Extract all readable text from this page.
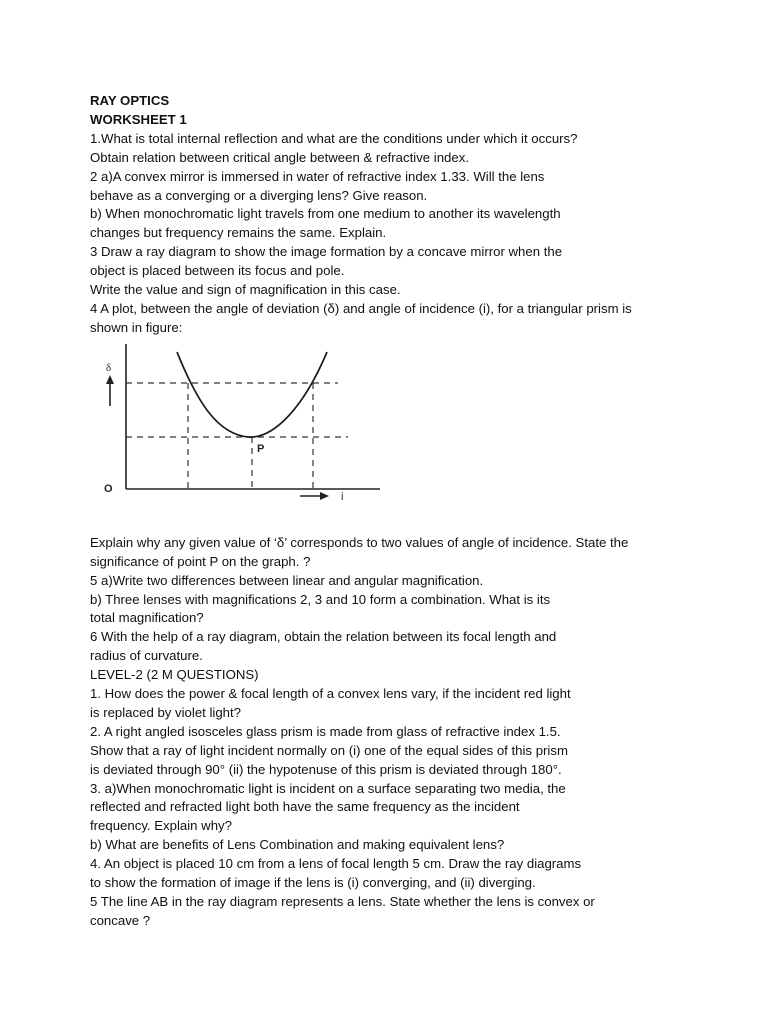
RAY OPTICS
WORKSHEET 1
1.What is total internal reflection and what are the conditions under which it occurs?
Obtain relation between critical angle between & refractive index.
2 a)A convex mirror is immersed in water of refractive index 1.33. Will the lens
behave as a converging or a diverging lens? Give reason.
b) When monochromatic light travels from one medium to another its wavelength
changes but frequency remains the same. Explain.
3 Draw a ray diagram to show the image formation by a concave mirror when the
object is placed between its focus and pole.
Write the value and sign of magnification in this case.
4 A plot, between the angle of deviation (δ) and angle of incidence (i), for a triangular prism is
shown in figure:
δ
i
O
P
Explain why any given value of ‘δ’ corresponds to two values of angle of incidence. State the
significance of point P on the graph. ?
5 a)Write two differences between linear and angular magnification.
b) Three lenses with magnifications 2, 3 and 10 form a combination. What is its
total magnification?
6 With the help of a ray diagram, obtain the relation between its focal length and
radius of curvature.
LEVEL-2 (2 M QUESTIONS)
1. How does the power & focal length of a convex lens vary, if the incident red light
is replaced by violet light?
2. A right angled isosceles glass prism is made from glass of refractive index 1.5.
Show that a ray of light incident normally on (i) one of the equal sides of this prism
is deviated through 90° (ii) the hypotenuse of this prism is deviated through 180°.
3. a)When monochromatic light is incident on a surface separating two media, the
reflected and refracted light both have the same frequency as the incident
frequency. Explain why?
b) What are benefits of Lens Combination and making equivalent lens?
4. An object is placed 10 cm from a lens of focal length 5 cm. Draw the ray diagrams
to show the formation of image if the lens is (i) converging, and (ii) diverging.
5 The line AB in the ray diagram represents a lens. State whether the lens is convex or
concave ?
